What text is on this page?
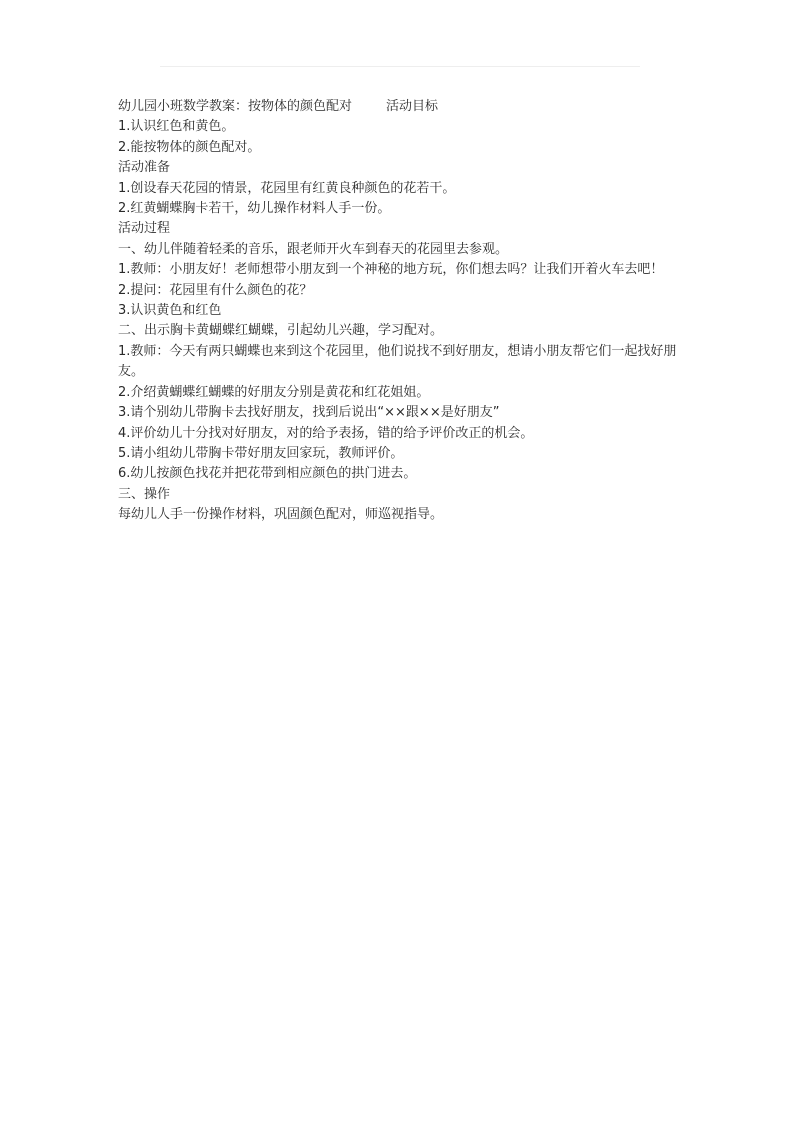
幼儿园小班数学教案：按物体的颜色配对	活动目标

1.认识红色和黄色。

2.能按物体的颜色配对。

活动准备

1.创设春天花园的情景，花园里有红黄良种颜色的花若干。

2.红黄蝴蝶胸卡若干，幼儿操作材料人手一份。

活动过程

一、幼儿伴随着轻柔的音乐，跟老师开火车到春天的花园里去参观。

1.教师：小朋友好！老师想带小朋友到一个神秘的地方玩，你们想去吗？让我们开着火车去吧！

2.提问：花园里有什么颜色的花？

3.认识黄色和红色

二、出示胸卡黄蝴蝶红蝴蝶，引起幼儿兴趣，学习配对。

1.教师：今天有两只蝴蝶也来到这个花园里，他们说找不到好朋友，想请小朋友帮它们一起找好朋友。

2.介绍黄蝴蝶红蝴蝶的好朋友分别是黄花和红花姐姐。

3.请个别幼儿带胸卡去找好朋友，找到后说出“××跟××是好朋友”

4.评价幼儿十分找对好朋友，对的给予表扬，错的给予评价改正的机会。

5.请小组幼儿带胸卡带好朋友回家玩，教师评价。

6.幼儿按颜色找花并把花带到相应颜色的拱门进去。

三、操作

每幼儿人手一份操作材料，巩固颜色配对，师巡视指导。
